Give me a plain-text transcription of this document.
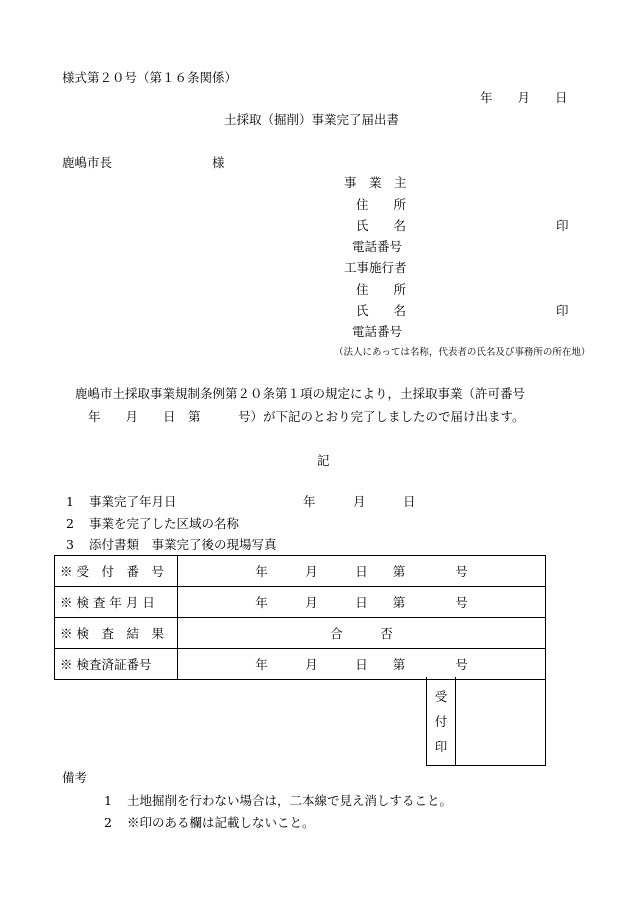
様式第２０号（第１６条関係）
年　　月　　日
土採取（掘削）事業完了届出書
鹿嶋市長　　　　　　　　様
事　業　主
住　　所
氏　　名	印
電話番号
工事施行者
住　　所
氏　　名	印
電話番号
（法人にあっては名称，代表者の氏名及び事務所の所在地）
鹿嶋市土採取事業規制条例第２０条第１項の規定により，土採取事業（許可番号
年　　月　　日　第　　　号）が下記のとおり完了しましたので届け出ます。
記
1 事業完了年月日	年　　　月　　　日
2 事業を完了した区域の名称
3 添付書類　事業完了後の現場写真
※ 受　付　番　号	年　　　月　　　日　　第　　　　号
※ 検 査 年 月 日	年　　　月　　　日　　第　　　　号
※ 検　査　結　果	合　　　否
※ 検査済証番号	年　　　月　　　日　　第　　　　号
受
付
印
備考
1 土地掘削を行わない場合は，二本線で見え消しすること。
2 ※印のある欄は記載しないこと。
